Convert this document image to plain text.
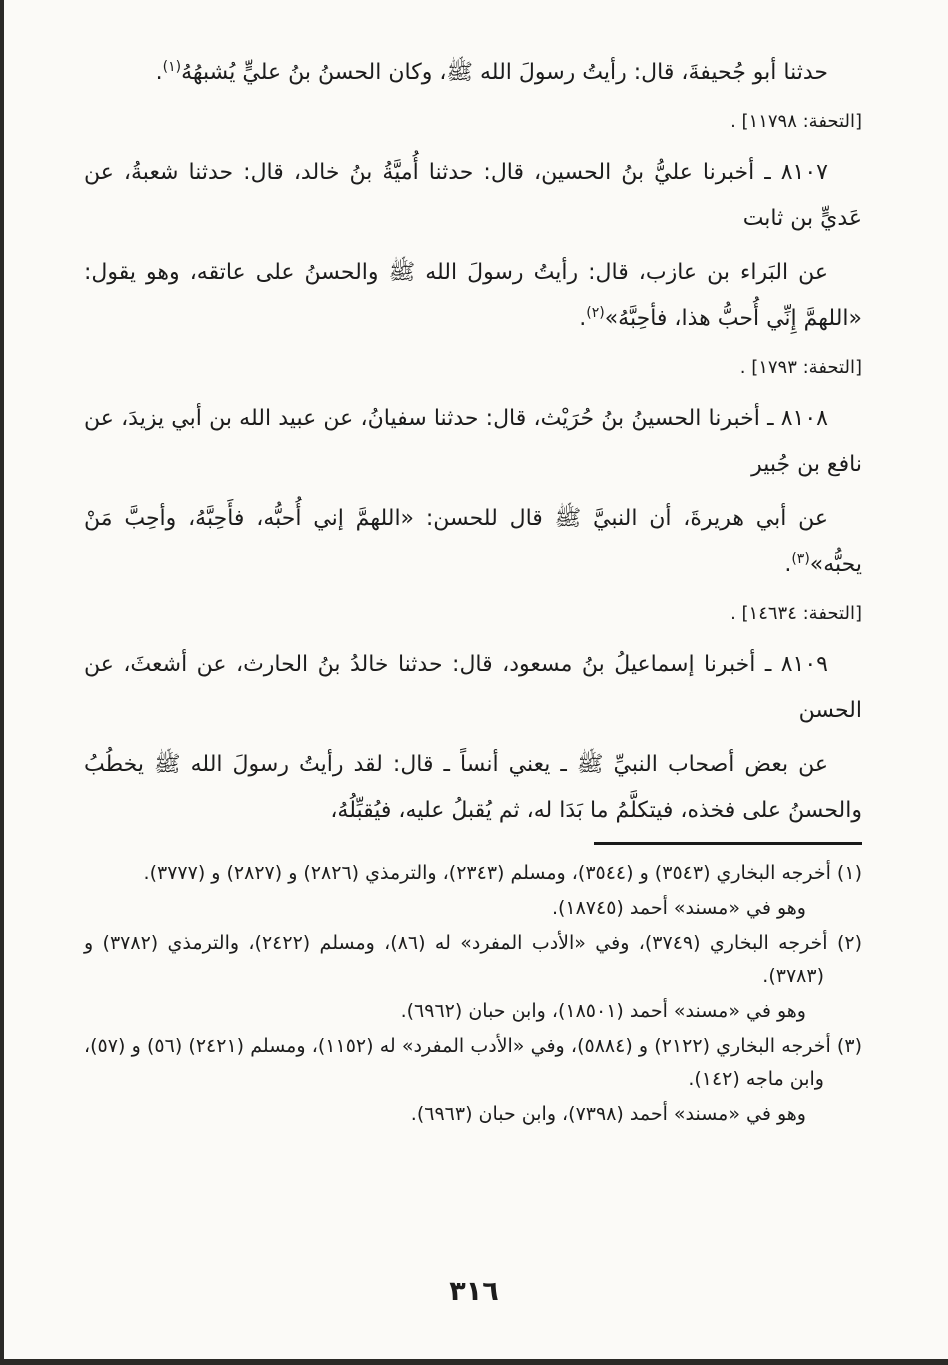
حدثنا أبو جُحيفةَ، قال: رأيتُ رسولَ الله ﷺ، وكان الحسنُ بنُ عليٍّ يُشبهُهُ$^{(١)}$.
[التحفة: ١١٧٩٨] .
٨١٠٧ ـ أخبرنا عليُّ بنُ الحسين، قال: حدثنا أُميَّةُ بنُ خالد، قال: حدثنا شعبةُ، عن عَديٍّ بن ثابت
عن البَراء بن عازب، قال: رأيتُ رسولَ الله ﷺ والحسنُ على عاتقه، وهو يقول: «اللهمَّ إِنِّي أُحبُّ هذا، فأحِبَّهُ»$^{(٢)}$.
[التحفة: ١٧٩٣] .
٨١٠٨ ـ أخبرنا الحسينُ بنُ حُرَيْث، قال: حدثنا سفيانُ، عن عبيد الله بن أبي يزيدَ، عن نافع بن جُبير
عن أبي هريرةَ، أن النبيَّ ﷺ قال للحسن: «اللهمَّ إني أُحبُّه، فأَحِبَّهُ، وأحِبَّ مَنْ يحبُّه»$^{(٣)}$.
[التحفة: ١٤٦٣٤] .
٨١٠٩ ـ أخبرنا إسماعيلُ بنُ مسعود، قال: حدثنا خالدُ بنُ الحارث، عن أشعثَ، عن الحسن
عن بعض أصحاب النبيِّ ﷺ ـ يعني أنساً ـ قال: لقد رأيتُ رسولَ الله ﷺ يخطُبُ والحسنُ على فخذه، فيتكلَّمُ ما بَدَا له، ثم يُقبلُ عليه، فيُقبِّلُهُ،
(١) أخرجه البخاري (٣٥٤٣) و (٣٥٤٤)، ومسلم (٢٣٤٣)، والترمذي (٢٨٢٦) و (٢٨٢٧) و (٣٧٧٧).
وهو في «مسند» أحمد (١٨٧٤٥).
(٢) أخرجه البخاري (٣٧٤٩)، وفي «الأدب المفرد» له (٨٦)، ومسلم (٢٤٢٢)، والترمذي (٣٧٨٢) و (٣٧٨٣).
وهو في «مسند» أحمد (١٨٥٠١)، وابن حبان (٦٩٦٢).
(٣) أخرجه البخاري (٢١٢٢) و (٥٨٨٤)، وفي «الأدب المفرد» له (١١٥٢)، ومسلم (٢٤٢١) (٥٦) و (٥٧)، وابن ماجه (١٤٢).
وهو في «مسند» أحمد (٧٣٩٨)، وابن حبان (٦٩٦٣).
٣١٦
